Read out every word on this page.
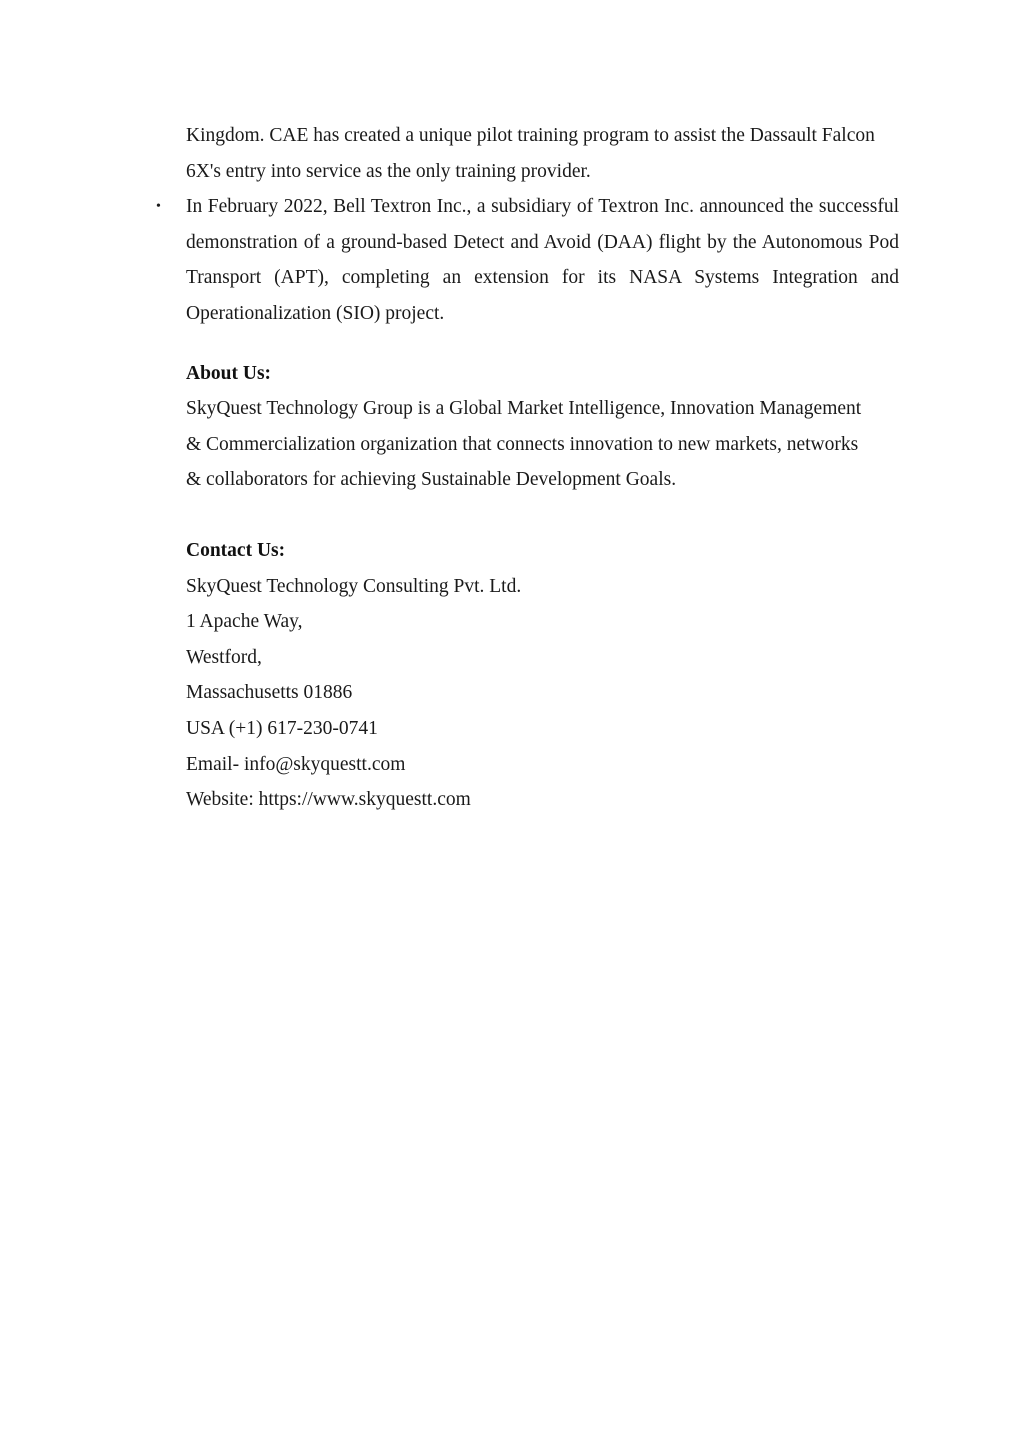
Kingdom. CAE has created a unique pilot training program to assist the Dassault Falcon 6X's entry into service as the only training provider.

• In February 2022, Bell Textron Inc., a subsidiary of Textron Inc. announced the successful demonstration of a ground-based Detect and Avoid (DAA) flight by the Autonomous Pod Transport (APT), completing an extension for its NASA Systems Integration and Operationalization (SIO) project.

About Us:

SkyQuest Technology Group is a Global Market Intelligence, Innovation Management & Commercialization organization that connects innovation to new markets, networks & collaborators for achieving Sustainable Development Goals.

Contact Us:

SkyQuest Technology Consulting Pvt. Ltd.

1 Apache Way,

Westford,

Massachusetts 01886

USA (+1) 617-230-0741

Email- info@skyquestt.com

Website: https://www.skyquestt.com
